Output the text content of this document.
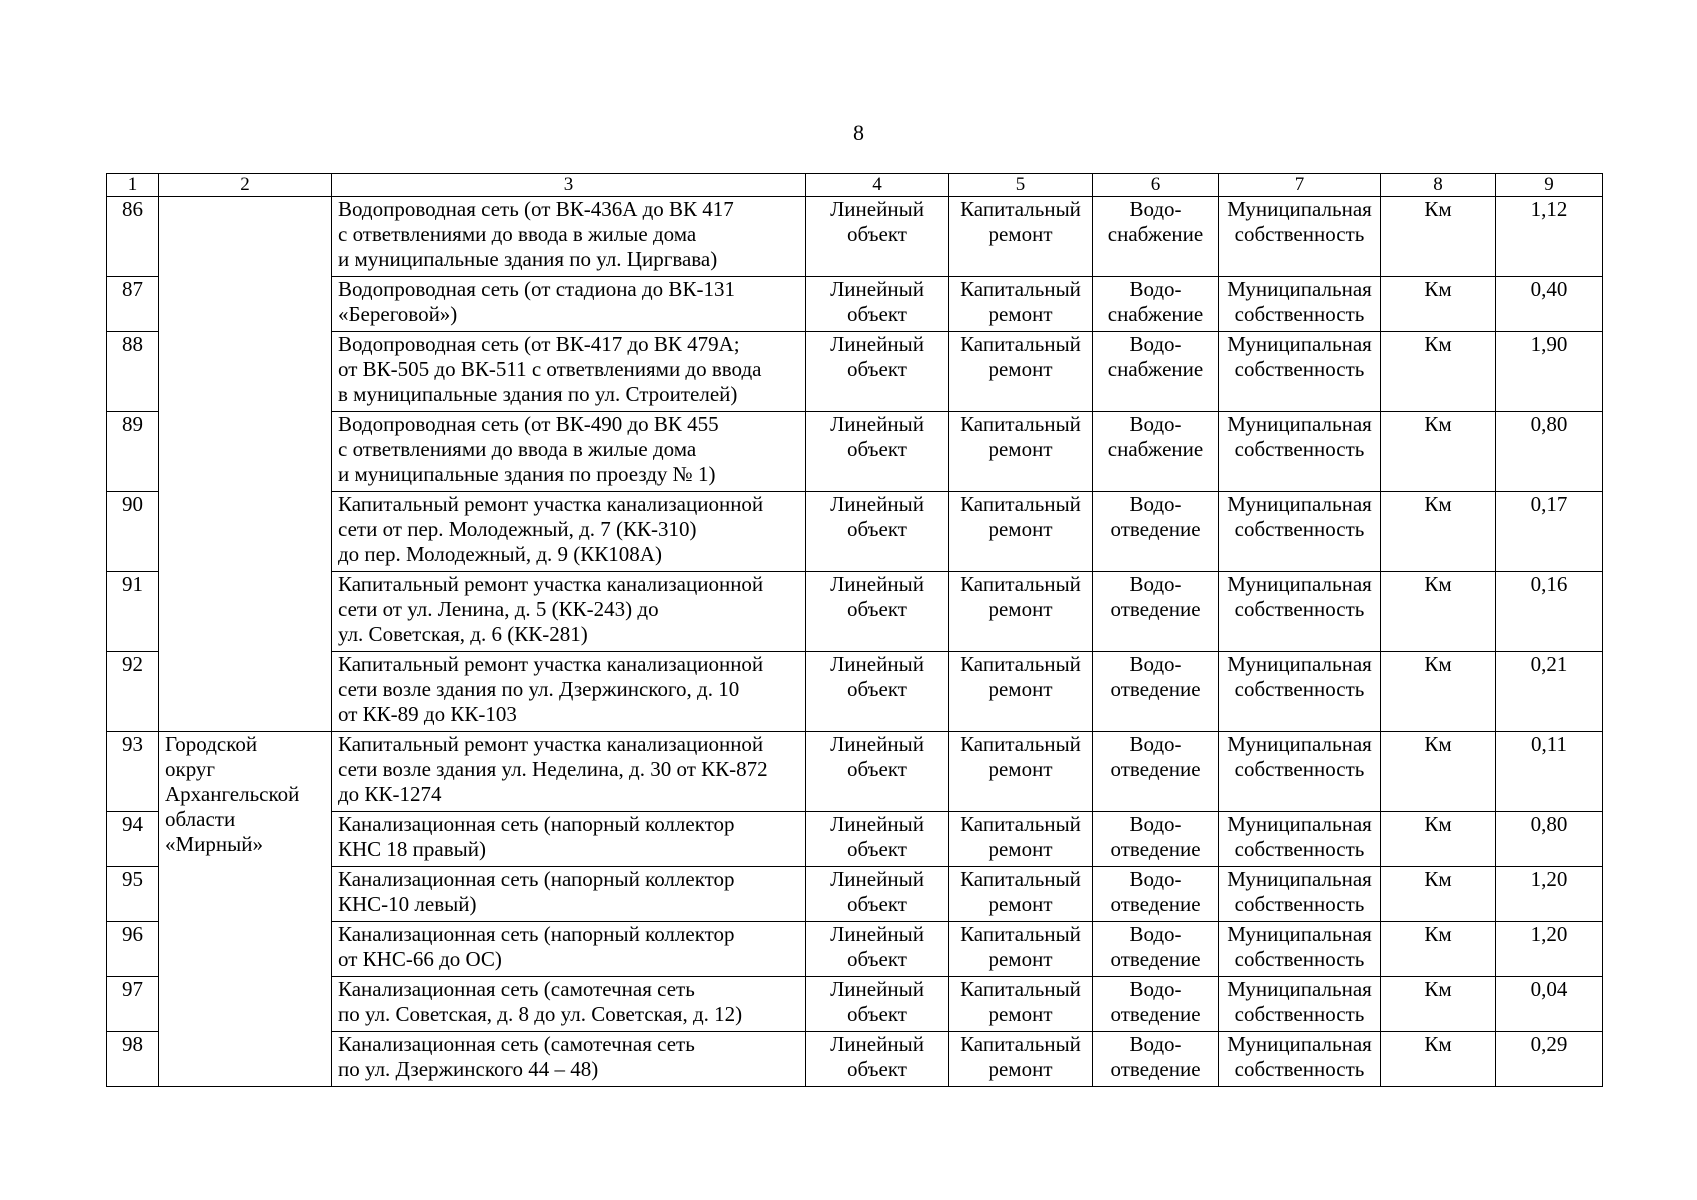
8
1	2	3	4	5	6	7	8	9
86		Водопроводная сеть (от ВК-436А до ВК 417
с ответвлениями до ввода в жилые дома
и муниципальные здания по ул. Циргвава)	Линейный
объект	Капитальный
ремонт	Водо-
снабжение	Муниципальная
собственность	Км	1,12
87		Водопроводная сеть (от стадиона до ВК-131
«Береговой»)	Линейный
объект	Капитальный
ремонт	Водо-
снабжение	Муниципальная
собственность	Км	0,40
88		Водопроводная сеть (от ВК-417 до ВК 479А;
от ВК-505 до ВК-511 с ответвлениями до ввода
в муниципальные здания по ул. Строителей)	Линейный
объект	Капитальный
ремонт	Водо-
снабжение	Муниципальная
собственность	Км	1,90
89		Водопроводная сеть (от ВК-490 до ВК 455
с ответвлениями до ввода в жилые дома
и муниципальные здания по проезду № 1)	Линейный
объект	Капитальный
ремонт	Водо-
снабжение	Муниципальная
собственность	Км	0,80
90		Капитальный ремонт участка канализационной
сети от пер. Молодежный, д. 7 (КК-310)
до пер. Молодежный, д. 9 (КК108А)	Линейный
объект	Капитальный
ремонт	Водо-
отведение	Муниципальная
собственность	Км	0,17
91		Капитальный ремонт участка канализационной
сети от ул. Ленина, д. 5 (КК-243) до
ул. Советская, д. 6 (КК-281)	Линейный
объект	Капитальный
ремонт	Водо-
отведение	Муниципальная
собственность	Км	0,16
92		Капитальный ремонт участка канализационной
сети возле здания по ул. Дзержинского, д. 10
от КК-89 до КК-103	Линейный
объект	Капитальный
ремонт	Водо-
отведение	Муниципальная
собственность	Км	0,21
93	Городской
округ
Архангельской
области
«Мирный»	Капитальный ремонт участка канализационной
сети возле здания ул. Неделина, д. 30 от КК-872
до КК-1274	Линейный
объект	Капитальный
ремонт	Водо-
отведение	Муниципальная
собственность	Км	0,11
94		Канализационная сеть (напорный коллектор
КНС 18 правый)	Линейный
объект	Капитальный
ремонт	Водо-
отведение	Муниципальная
собственность	Км	0,80
95		Канализационная сеть (напорный коллектор
КНС-10 левый)	Линейный
объект	Капитальный
ремонт	Водо-
отведение	Муниципальная
собственность	Км	1,20
96		Канализационная сеть (напорный коллектор
от КНС-66 до ОС)	Линейный
объект	Капитальный
ремонт	Водо-
отведение	Муниципальная
собственность	Км	1,20
97		Канализационная сеть (самотечная сеть
по ул. Советская, д. 8 до ул. Советская, д. 12)	Линейный
объект	Капитальный
ремонт	Водо-
отведение	Муниципальная
собственность	Км	0,04
98		Канализационная сеть (самотечная сеть
по ул. Дзержинского 44 – 48)	Линейный
объект	Капитальный
ремонт	Водо-
отведение	Муниципальная
собственность	Км	0,29
